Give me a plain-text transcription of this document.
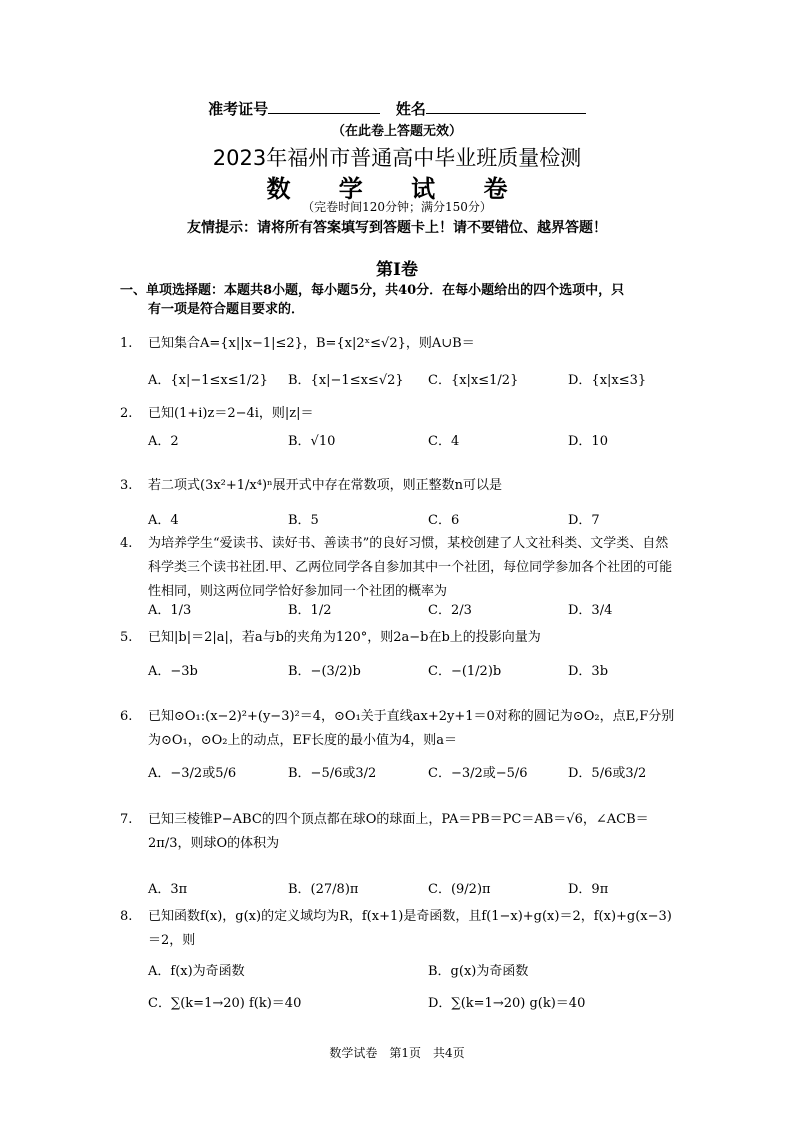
准考证号	姓名
（在此卷上答题无效）
2023年福州市普通高中毕业班质量检测
数 学 试 卷
（完卷时间120分钟；满分150分）
友情提示：请将所有答案填写到答题卡上！请不要错位、越界答题！
第I卷
一、单项选择题：本题共8小题，每小题5分，共40分．在每小题给出的四个选项中，只
有一项是符合题目要求的．
1. 已知集合A={x||x−1|≤2}，B={x|2ˣ≤√2}，则A∪B＝
A．{x|−1≤x≤1/2} B．{x|−1≤x≤√2} C．{x|x≤1/2}	D．{x|x≤3}
2. 已知(1+i)z＝2−4i，则|z|＝
A．2	B．√10	C．4	D．10
3. 若二项式(3x²+1/x⁴)ⁿ展开式中存在常数项，则正整数n可以是
A．4	B．5	C．6	D．7
4. 为培养学生“爱读书、读好书、善读书”的良好习惯，某校创建了人文社科类、文学类、自然科学类三个读书社团.甲、乙两位同学各自参加其中一个社团，每位同学参加各个社团的可能性相同，则这两位同学恰好参加同一个社团的概率为
A．1/3	B．1/2	C．2/3	D．3/4
5. 已知|b|＝2|a|，若a与b的夹角为120°，则2a−b在b上的投影向量为
A．−3b	B．−(3/2)b	C．−(1/2)b	D．3b
6. 已知⊙O₁:(x−2)²+(y−3)²＝4，⊙O₁关于直线ax+2y+1＝0对称的圆记为⊙O₂，点E,F分别为⊙O₁，⊙O₂上的动点，EF长度的最小值为4，则a＝
A．−3/2或5/6	B．−5/6或3/2	C．−3/2或−5/6	D．5/6或3/2
7. 已知三棱锥P−ABC的四个顶点都在球O的球面上，PA＝PB＝PC＝AB＝√6，∠ACB＝2π/3，则球O的体积为
A．3π	B．(27/8)π	C．(9/2)π	D．9π
8. 已知函数f(x)，g(x)的定义域均为R，f(x+1)是奇函数，且f(1−x)+g(x)＝2，f(x)+g(x−3)＝2，则
A．f(x)为奇函数	B．g(x)为奇函数
C．∑(k=1→20) f(k)＝40	D．∑(k=1→20) g(k)＝40
数学试卷　第1页　共4页
